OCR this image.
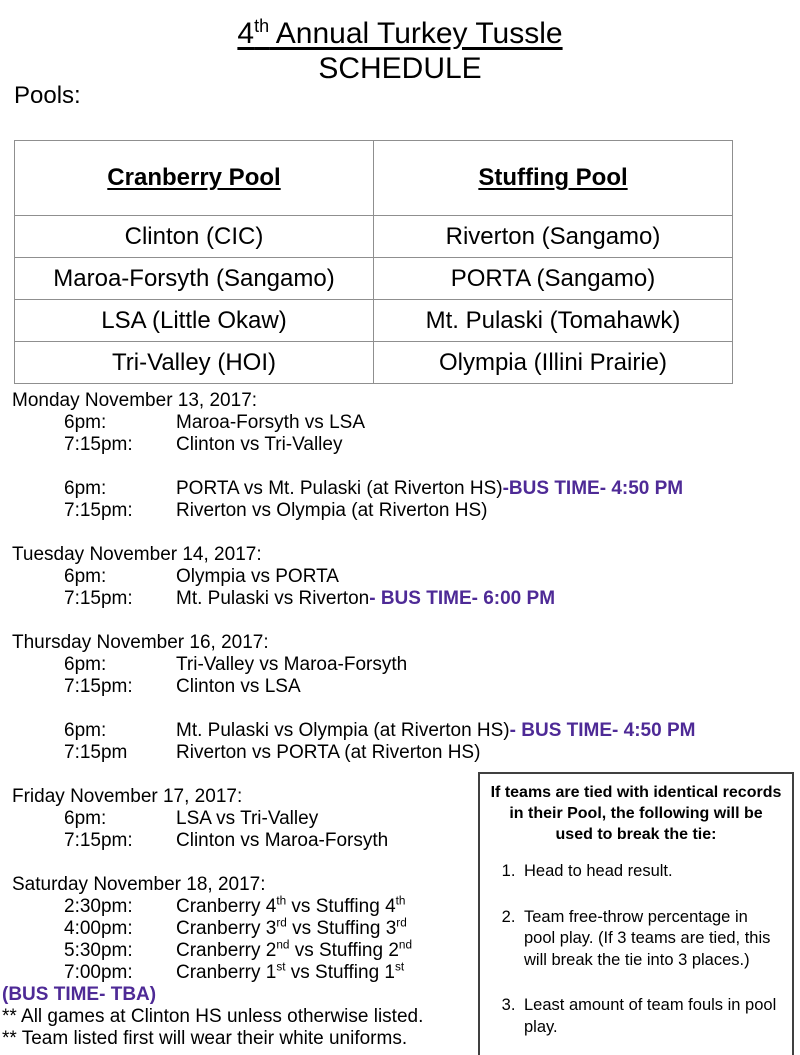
4th Annual Turkey Tussle
SCHEDULE
Pools:
Cranberry Pool	Stuffing Pool
Clinton (CIC)	Riverton (Sangamo)
Maroa-Forsyth (Sangamo)	PORTA (Sangamo)
LSA (Little Okaw)	Mt. Pulaski (Tomahawk)
Tri-Valley (HOI)	Olympia (Illini Prairie)
Monday November 13, 2017:
6pm:	Maroa-Forsyth vs LSA
7:15pm: Clinton vs Tri-Valley
6pm:	PORTA vs Mt. Pulaski (at Riverton HS)-BUS TIME- 4:50 PM
7:15pm: Riverton vs Olympia (at Riverton HS)
Tuesday November 14, 2017:
6pm:	Olympia vs PORTA
7:15pm: Mt. Pulaski vs Riverton- BUS TIME- 6:00 PM
Thursday November 16, 2017:
6pm:	Tri-Valley vs Maroa-Forsyth
7:15pm: Clinton vs LSA
6pm:	Mt. Pulaski vs Olympia (at Riverton HS)- BUS TIME- 4:50 PM
7:15pm	Riverton vs PORTA (at Riverton HS)
Friday November 17, 2017:
6pm:	LSA vs Tri-Valley
7:15pm: Clinton vs Maroa-Forsyth
Saturday November 18, 2017:
2:30pm: Cranberry 4th vs Stuffing 4th
4:00pm: Cranberry 3rd vs Stuffing 3rd
5:30pm: Cranberry 2nd vs Stuffing 2nd
7:00pm: Cranberry 1st vs Stuffing 1st
(BUS TIME- TBA)
** All games at Clinton HS unless otherwise listed.
** Team listed first will wear their white uniforms.
If teams are tied with identical records in their Pool, the following will be used to break the tie:
1. Head to head result.
2. Team free-throw percentage in pool play. (If 3 teams are tied, this will break the tie into 3 places.)
3. Least amount of team fouls in pool play.
